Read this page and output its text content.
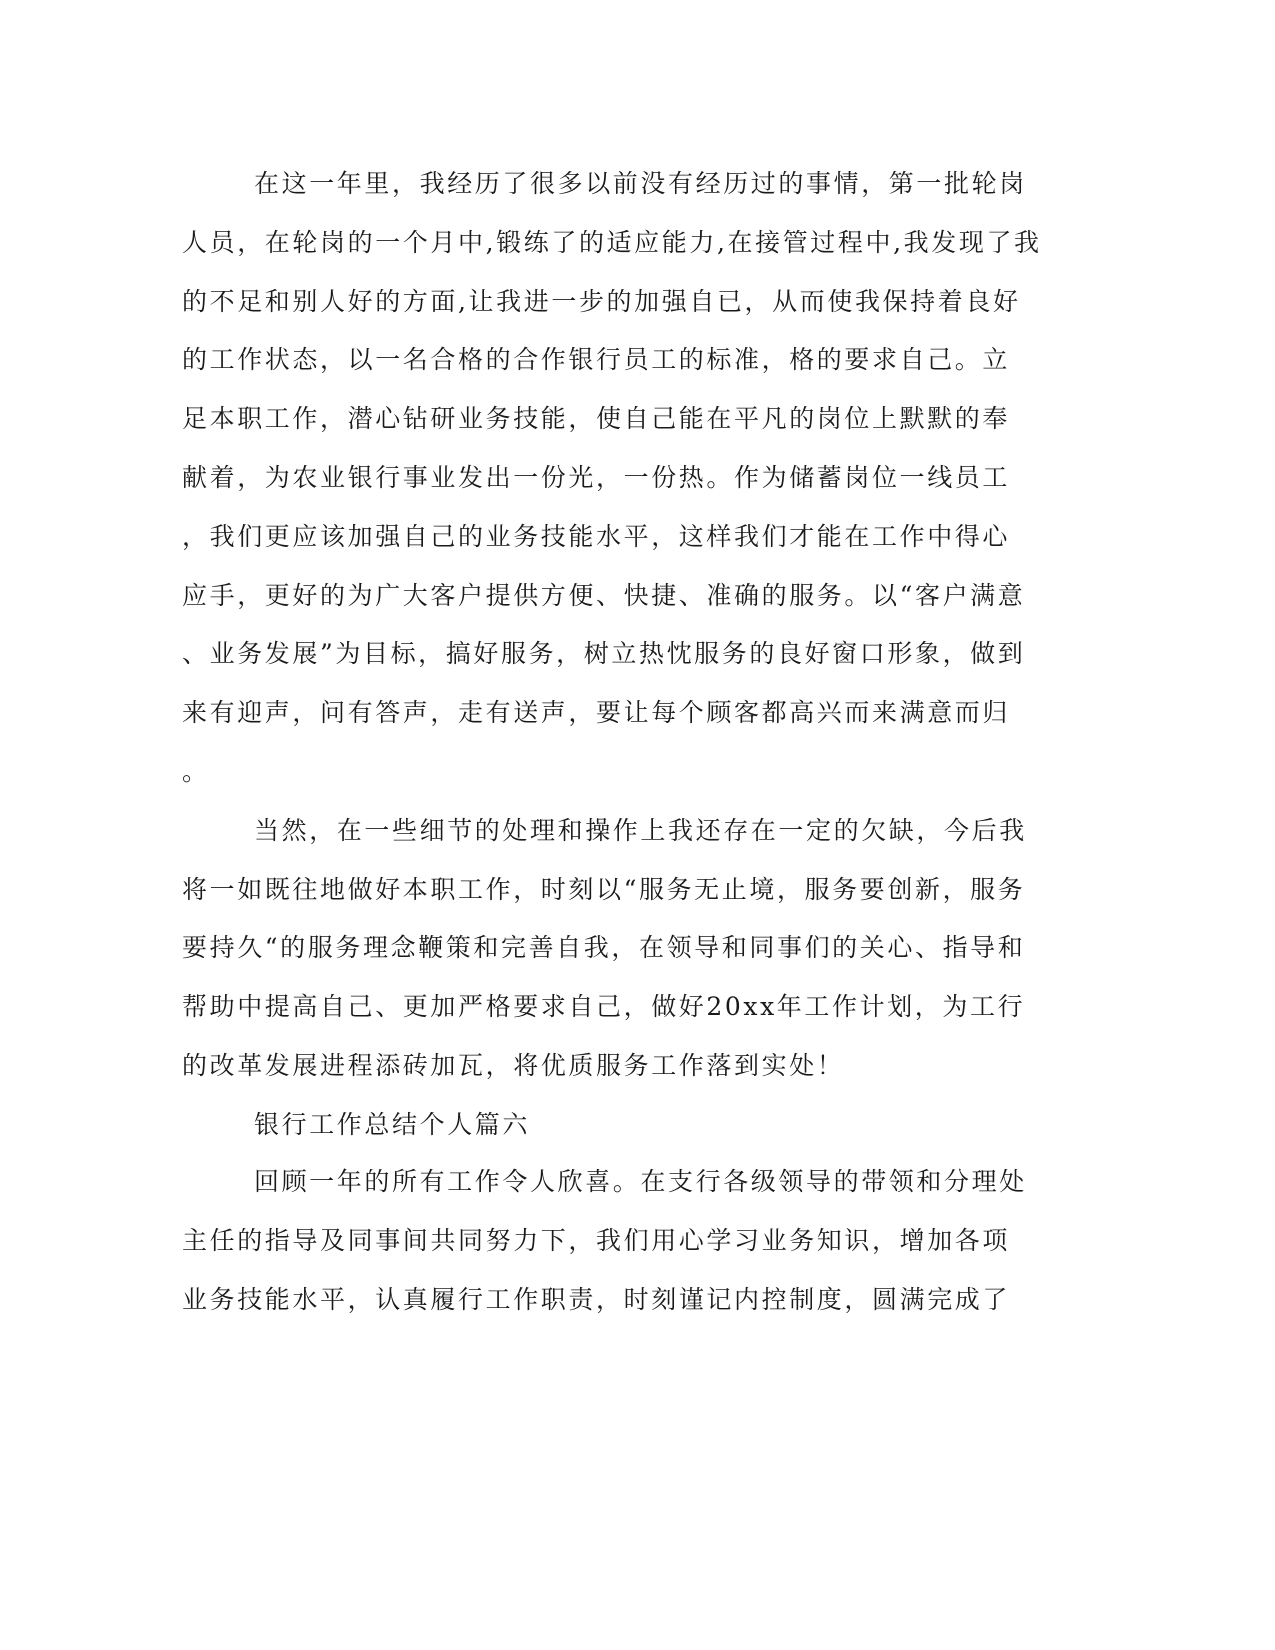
在这一年里，我经历了很多以前没有经历过的事情，第一批轮岗
人员，在轮岗的一个月中,锻练了的适应能力,在接管过程中,我发现了我
的不足和别人好的方面,让我进一步的加强自已，从而使我保持着良好
的工作状态，以一名合格的合作银行员工的标准，格的要求自己。立
足本职工作，潜心钻研业务技能，使自己能在平凡的岗位上默默的奉
献着，为农业银行事业发出一份光，一份热。作为储蓄岗位一线员工
，我们更应该加强自己的业务技能水平，这样我们才能在工作中得心
应手，更好的为广大客户提供方便、快捷、准确的服务。以“客户满意
、业务发展”为目标，搞好服务，树立热忱服务的良好窗口形象，做到
来有迎声，问有答声，走有送声，要让每个顾客都高兴而来满意而归
。
当然，在一些细节的处理和操作上我还存在一定的欠缺，今后我
将一如既往地做好本职工作，时刻以“服务无止境，服务要创新，服务
要持久“的服务理念鞭策和完善自我，在领导和同事们的关心、指导和
帮助中提高自己、更加严格要求自己，做好20xx年工作计划，为工行
的改革发展进程添砖加瓦，将优质服务工作落到实处！
银行工作总结个人篇六
回顾一年的所有工作令人欣喜。在支行各级领导的带领和分理处
主任的指导及同事间共同努力下，我们用心学习业务知识，增加各项
业务技能水平，认真履行工作职责，时刻谨记内控制度，圆满完成了
